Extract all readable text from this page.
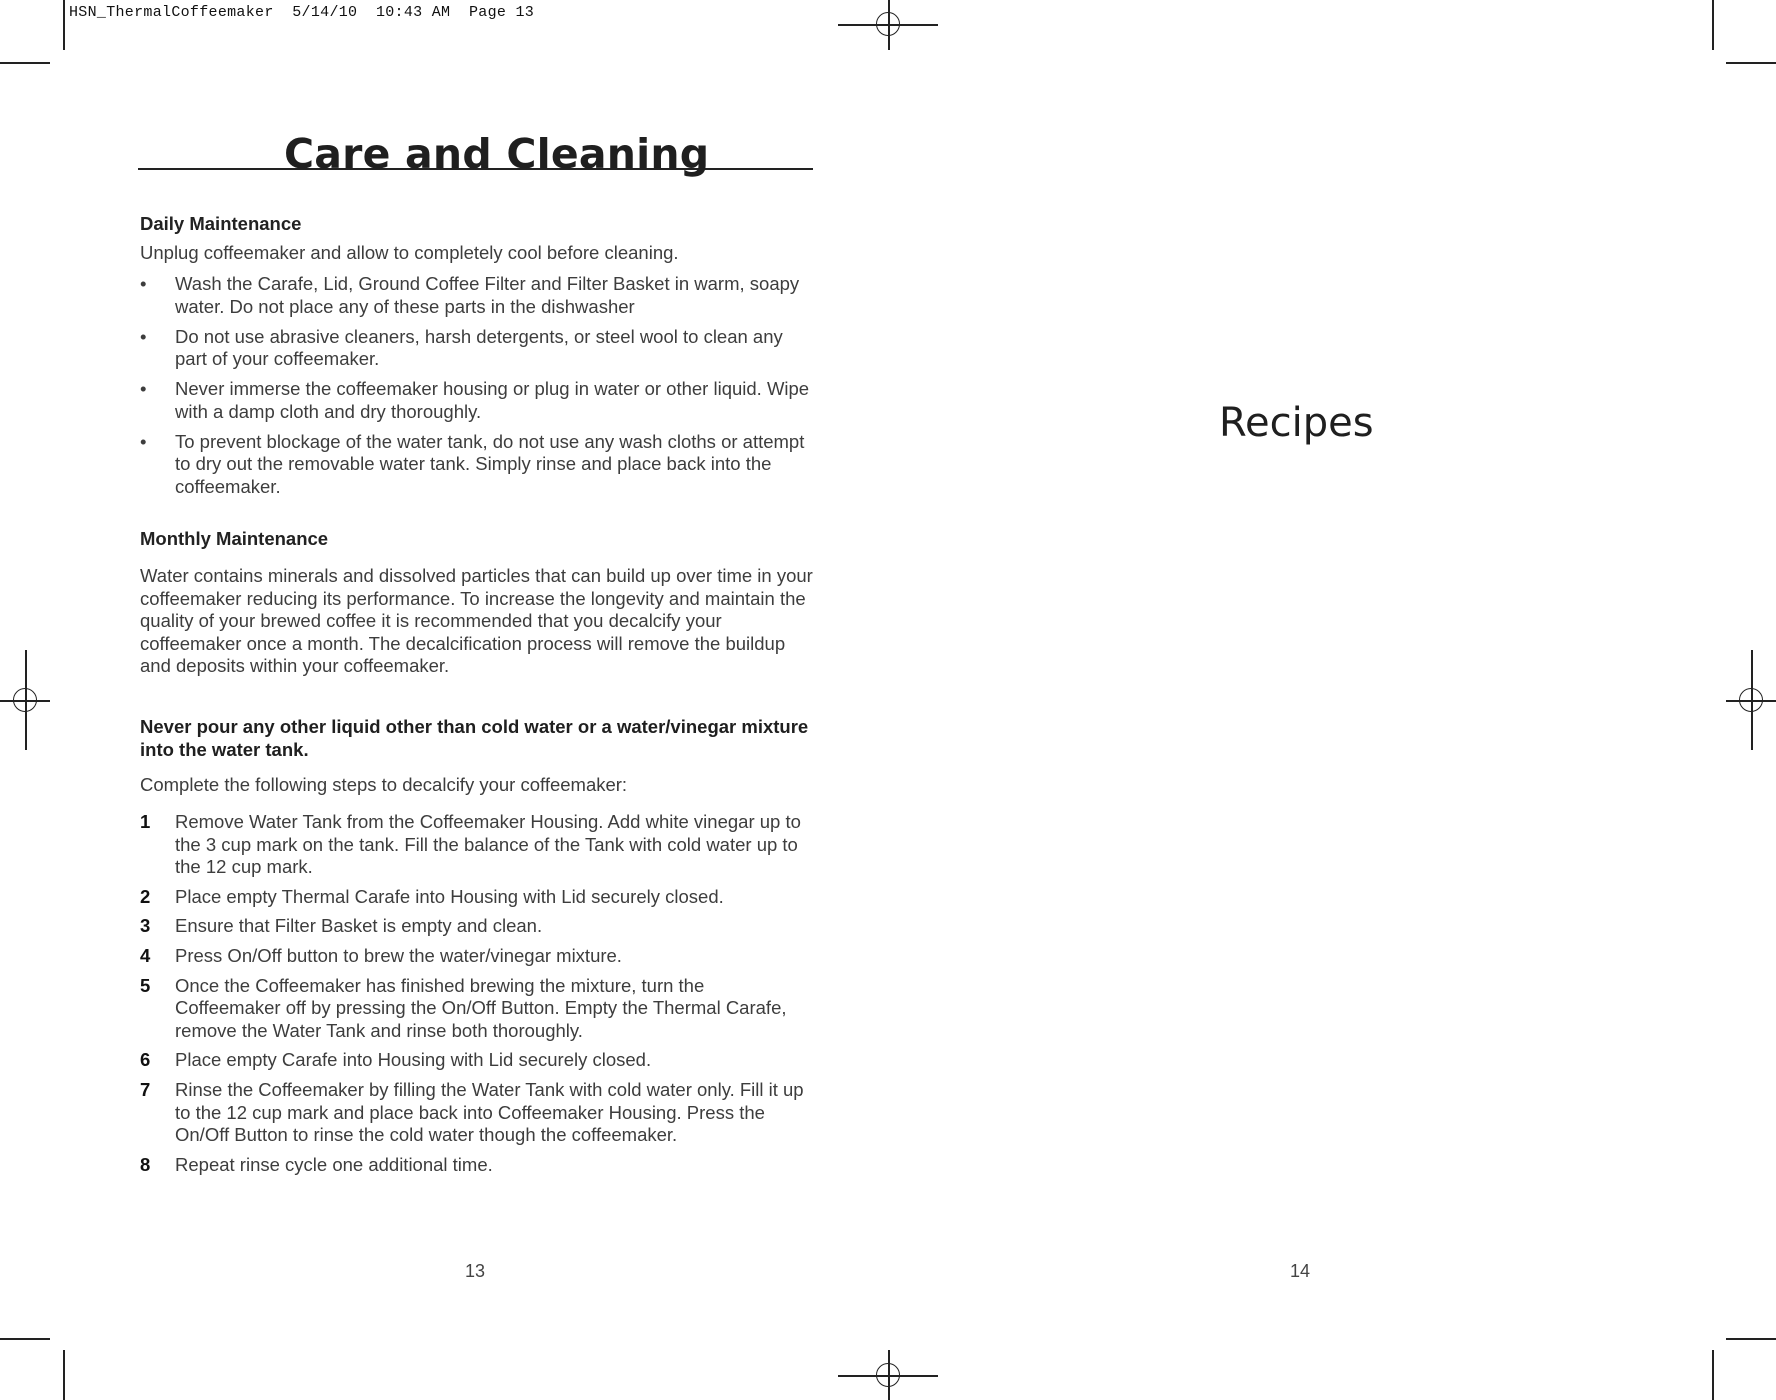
HSN_ThermalCoffeemaker  5/14/10  10:43 AM  Page 13
Care and Cleaning
Daily Maintenance

Unplug coffeemaker and allow to completely cool before cleaning.

• Wash the Carafe, Lid, Ground Coffee Filter and Filter Basket in warm, soapy water. Do not place any of these parts in the dishwasher
• Do not use abrasive cleaners, harsh detergents, or steel wool to clean any part of your coffeemaker.
• Never immerse the coffeemaker housing or plug in water or other liquid. Wipe with a damp cloth and dry thoroughly.
• To prevent blockage of the water tank, do not use any wash cloths or attempt to dry out the removable water tank. Simply rinse and place back into the coffeemaker.
Monthly Maintenance

Water contains minerals and dissolved particles that can build up over time in your coffeemaker reducing its performance. To increase the longevity and maintain the quality of your brewed coffee it is recommended that you decalcify your coffeemaker once a month. The decalcification process will remove the buildup and deposits within your coffeemaker.

Never pour any other liquid other than cold water or a water/vinegar mixture into the water tank.

Complete the following steps to decalcify your coffeemaker:

1 Remove Water Tank from the Coffeemaker Housing. Add white vinegar up to the 3 cup mark on the tank. Fill the balance of the Tank with cold water up to the 12 cup mark.
2 Place empty Thermal Carafe into Housing with Lid securely closed.
3 Ensure that Filter Basket is empty and clean.
4 Press On/Off button to brew the water/vinegar mixture.
5 Once the Coffeemaker has finished brewing the mixture, turn the Coffeemaker off by pressing the On/Off Button. Empty the Thermal Carafe, remove the Water Tank and rinse both thoroughly.
6 Place empty Carafe into Housing with Lid securely closed.
7 Rinse the Coffeemaker by filling the Water Tank with cold water only. Fill it up to the 12 cup mark and place back into Coffeemaker Housing. Press the On/Off Button to rinse the cold water though the coffeemaker.
8 Repeat rinse cycle one additional time.
13
Recipes
14
